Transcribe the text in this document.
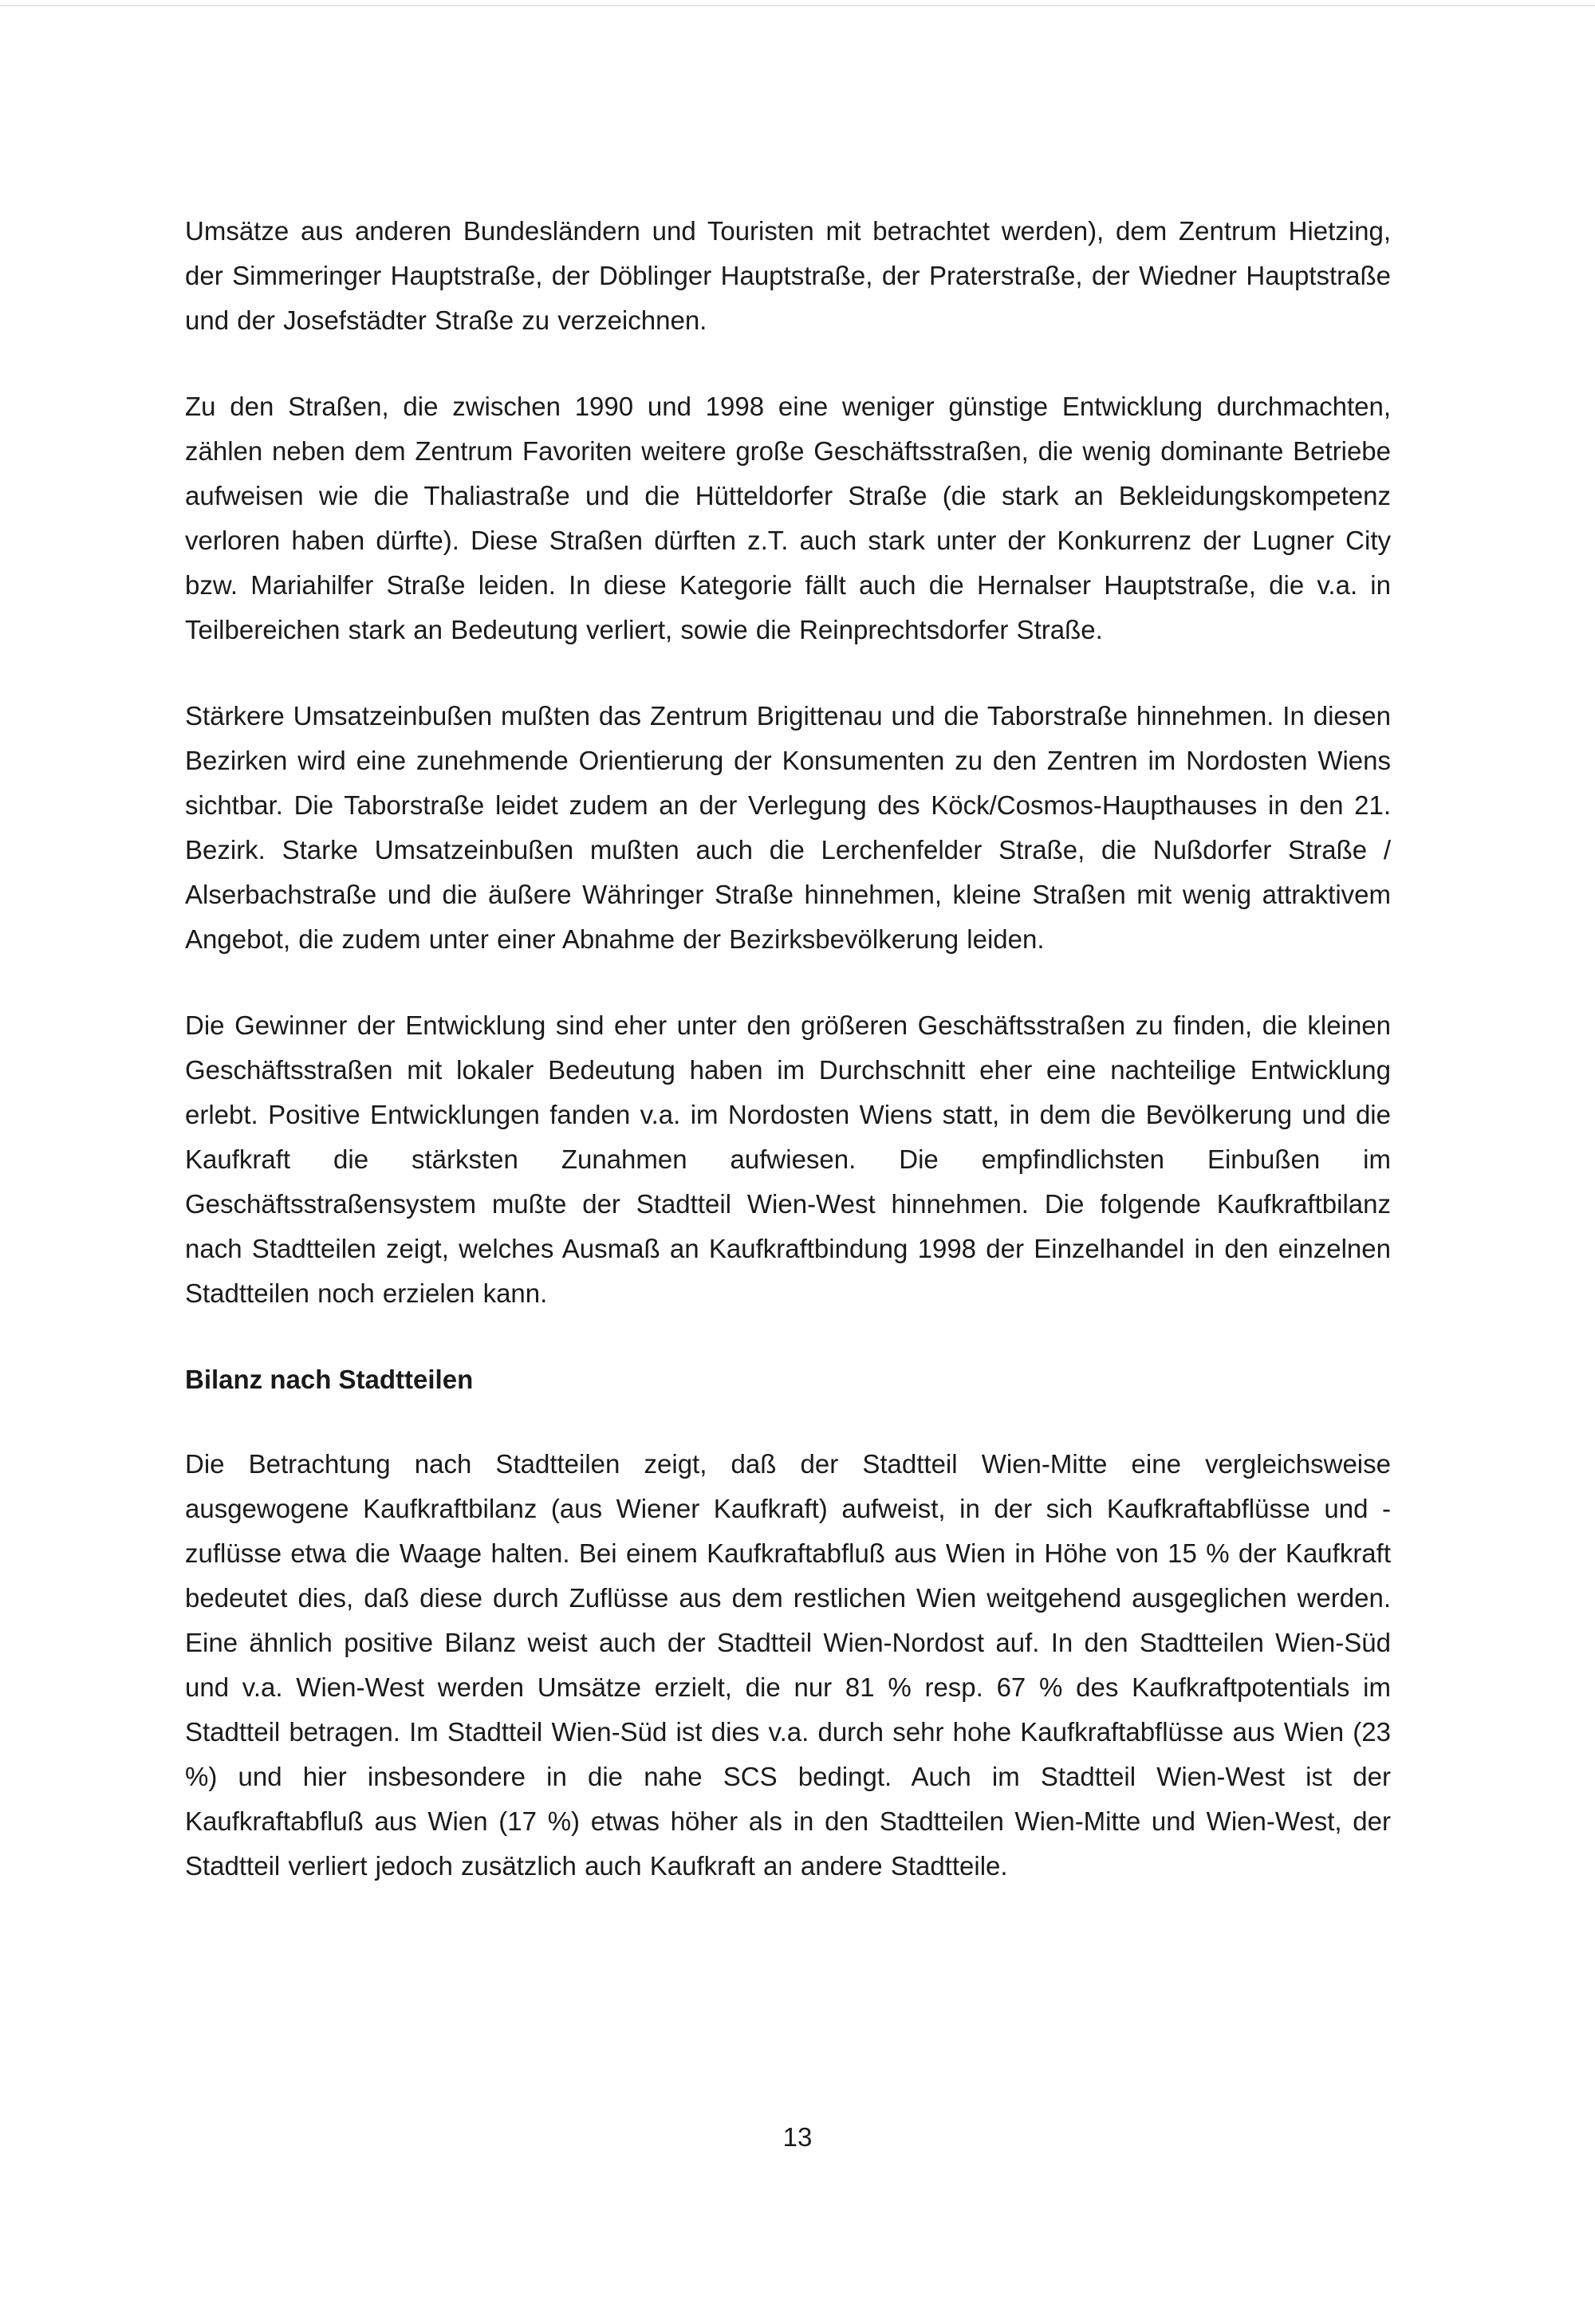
Umsätze aus anderen Bundesländern und Touristen mit betrachtet werden), dem Zentrum Hietzing, der Simmeringer Hauptstraße, der Döblinger Hauptstraße, der Praterstraße, der Wiedner Hauptstraße und der Josefstädter Straße zu verzeichnen.

Zu den Straßen, die zwischen 1990 und 1998 eine weniger günstige Entwicklung durchmachten, zählen neben dem Zentrum Favoriten weitere große Geschäftsstraßen, die wenig dominante Betriebe aufweisen wie die Thaliastraße und die Hütteldorfer Straße (die stark an Bekleidungskompetenz verloren haben dürfte). Diese Straßen dürften z.T. auch stark unter der Konkurrenz der Lugner City bzw. Mariahilfer Straße leiden. In diese Kategorie fällt auch die Hernalser Hauptstraße, die v.a. in Teilbereichen stark an Bedeutung verliert, sowie die Reinprechtsdorfer Straße.

Stärkere Umsatzeinbußen mußten das Zentrum Brigittenau und die Taborstraße hinnehmen. In diesen Bezirken wird eine zunehmende Orientierung der Konsumenten zu den Zentren im Nordosten Wiens sichtbar. Die Taborstraße leidet zudem an der Verlegung des Köck/Cosmos-Haupthauses in den 21. Bezirk. Starke Umsatzeinbußen mußten auch die Lerchenfelder Straße, die Nußdorfer Straße / Alserbachstraße und die äußere Währinger Straße hinnehmen, kleine Straßen mit wenig attraktivem Angebot, die zudem unter einer Abnahme der Bezirksbevölkerung leiden.

Die Gewinner der Entwicklung sind eher unter den größeren Geschäftsstraßen zu finden, die kleinen Geschäftsstraßen mit lokaler Bedeutung haben im Durchschnitt eher eine nachteilige Entwicklung erlebt. Positive Entwicklungen fanden v.a. im Nordosten Wiens statt, in dem die Bevölkerung und die Kaufkraft die stärksten Zunahmen aufwiesen. Die empfindlichsten Einbußen im Geschäftsstraßensystem mußte der Stadtteil Wien-West hinnehmen. Die folgende Kaufkraftbilanz nach Stadtteilen zeigt, welches Ausmaß an Kaufkraftbindung 1998 der Einzelhandel in den einzelnen Stadtteilen noch erzielen kann.

Bilanz nach Stadtteilen

Die Betrachtung nach Stadtteilen zeigt, daß der Stadtteil Wien-Mitte eine vergleichsweise ausgewogene Kaufkraftbilanz (aus Wiener Kaufkraft) aufweist, in der sich Kaufkraftabflüsse und -zuflüsse etwa die Waage halten. Bei einem Kaufkraftabfluß aus Wien in Höhe von 15 % der Kaufkraft bedeutet dies, daß diese durch Zuflüsse aus dem restlichen Wien weitgehend ausgeglichen werden. Eine ähnlich positive Bilanz weist auch der Stadtteil Wien-Nordost auf. In den Stadtteilen Wien-Süd und v.a. Wien-West werden Umsätze erzielt, die nur 81 % resp. 67 % des Kaufkraftpotentials im Stadtteil betragen. Im Stadtteil Wien-Süd ist dies v.a. durch sehr hohe Kaufkraftabflüsse aus Wien (23 %) und hier insbesondere in die nahe SCS bedingt. Auch im Stadtteil Wien-West ist der Kaufkraftabfluß aus Wien (17 %) etwas höher als in den Stadtteilen Wien-Mitte und Wien-West, der Stadtteil verliert jedoch zusätzlich auch Kaufkraft an andere Stadtteile.

13
